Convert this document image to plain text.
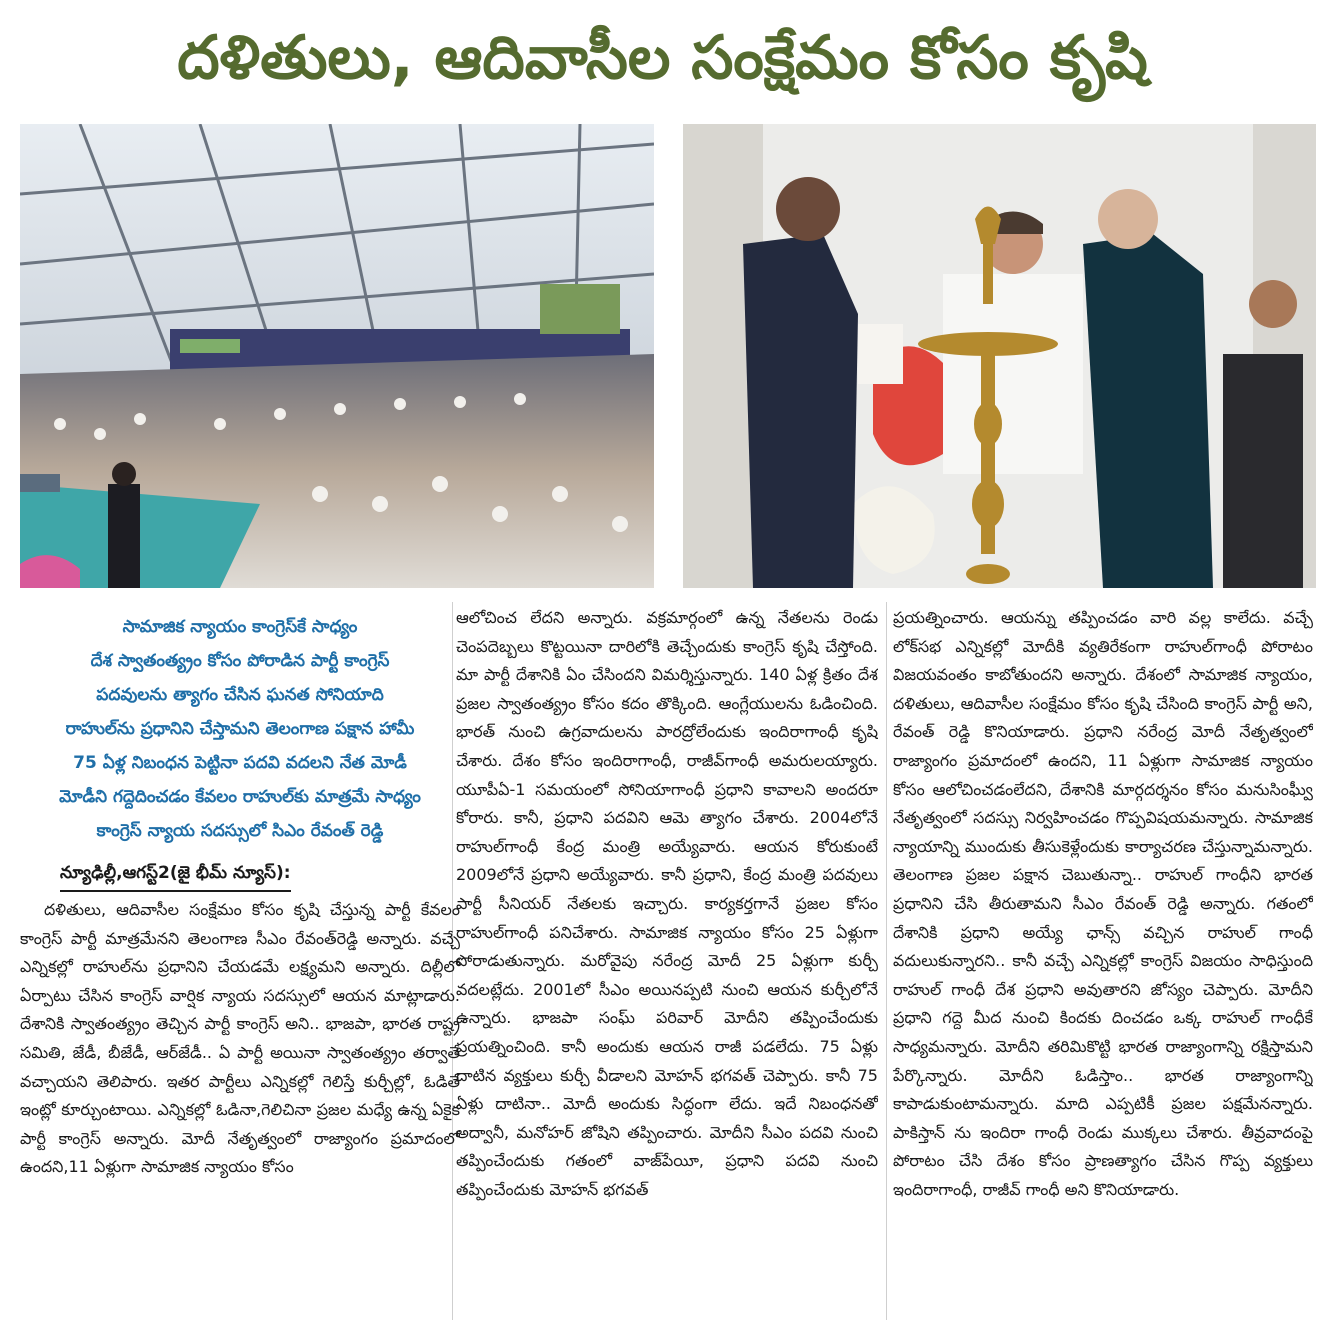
దళితులు, ఆదివాసీల సంక్షేమం కోసం కృషి
సామాజిక న్యాయం కాంగ్రెస్‌కే సాధ్యం
దేశ స్వాతంత్య్రం కోసం పోరాడిన పార్టీ కాంగ్రెస్
పదవులను త్యాగం చేసిన ఘనత సోనియాది
రాహుల్‌ను ప్రధానిని చేస్తామని తెలంగాణ పక్షాన హామీ
75 ఏళ్ల నిబంధన పెట్టినా పదవి వదలని నేత మోడీ
మోడీని గద్దెదించడం కేవలం రాహుల్‌కు మాత్రమే సాధ్యం
కాంగ్రెస్ న్యాయ సదస్సులో సిఎం రేవంత్ రెడ్డి
న్యూఢిల్లీ,ఆగస్ట్2(జై భీమ్ న్యూస్):

దళితులు, ఆదివాసీల సంక్షేమం కోసం కృషి చేస్తున్న పార్టీ కేవలం కాంగ్రెస్ పార్టీ మాత్రమేనని తెలంగాణ సీఎం రేవంత్‌రెడ్డి అన్నారు. వచ్చే ఎన్నికల్లో రాహుల్‌ను ప్రధానిని చేయడమే లక్ష్యమని అన్నారు. దిల్లీలో ఏర్పాటు చేసిన కాంగ్రెస్ వార్షిక న్యాయ సదస్సులో ఆయన మాట్లాడారు. దేశానికి స్వాతంత్య్రం తెచ్చిన పార్టీ కాంగ్రెస్ అని.. భాజపా, భారత రాష్ట్ర సమితి, జేడీ, బీజేడీ, ఆర్‌జేడీ.. ఏ పార్టీ అయినా స్వాతంత్య్రం తర్వాతే వచ్చాయని తెలిపారు. ఇతర పార్టీలు ఎన్నికల్లో గెలిస్తే కుర్చీల్లో, ఓడితే ఇంట్లో కూర్చుంటాయి. ఎన్నికల్లో ఓడినా,గెలిచినా ప్రజల మధ్యే ఉన్న ఏకైక పార్టీ కాంగ్రెస్ అన్నారు. మోదీ నేతృత్వంలో రాజ్యాంగం ప్రమాదంలో ఉందని,11 ఏళ్లుగా సామాజిక న్యాయం కోసం

ఆలోచించ లేదని అన్నారు. వక్రమార్గంలో ఉన్న నేతలను రెండు చెంపదెబ్బలు కొట్టయినా దారిలోకి తెచ్చేందుకు కాంగ్రెస్ కృషి చేస్తోంది. మా పార్టీ దేశానికి ఏం చేసిందని విమర్శిస్తున్నారు. 140 ఏళ్ల క్రితం దేశ ప్రజల స్వాతంత్య్రం కోసం కదం తొక్కింది. ఆంగ్లేయులను ఓడించింది. భారత్ నుంచి ఉగ్రవాదులను పారద్రోలేందుకు ఇందిరాగాంధీ కృషి చేశారు. దేశం కోసం ఇందిరాగాంధీ, రాజీవ్‌గాంధీ అమరులయ్యారు. యూపీఏ-1 సమయంలో సోనియాగాంధీ ప్రధాని కావాలని అందరూ కోరారు. కానీ, ప్రధాని పదవిని ఆమె త్యాగం చేశారు. 2004లోనే రాహుల్‌గాంధీ కేంద్ర మంత్రి అయ్యేవారు. ఆయన కోరుకుంటే 2009లోనే ప్రధాని అయ్యేవారు. కానీ ప్రధాని, కేంద్ర మంత్రి పదవులు పార్టీ సీనియర్ నేతలకు ఇచ్చారు. కార్యకర్తగానే ప్రజల కోసం రాహుల్‌గాంధీ పనిచేశారు. సామాజిక న్యాయం కోసం 25 ఏళ్లుగా పోరాడుతున్నారు. మరోవైపు నరేంద్ర మోదీ 25 ఏళ్లుగా కుర్చీ వదలట్లేదు. 2001లో సీఎం అయినప్పటి నుంచి ఆయన కుర్చీలోనే ఉన్నారు. భాజపా సంఘ్ పరివార్ మోదీని తప్పించేందుకు ప్రయత్నించింది. కానీ అందుకు ఆయన రాజీ పడలేదు. 75 ఏళ్లు దాటిన వ్యక్తులు కుర్చీ వీడాలని మోహన్ భగవత్ చెప్పారు. కానీ 75 ఏళ్లు దాటినా.. మోదీ అందుకు సిద్ధంగా లేదు. ఇదే నిబంధనతో అద్వానీ, మనోహర్ జోషిని తప్పించారు. మోదీని సీఎం పదవి నుంచి తప్పించేందుకు గతంలో వాజ్‌పేయీ, ప్రధాని పదవి నుంచి తప్పించేందుకు మోహన్ భగవత్

ప్రయత్నించారు. ఆయన్ను తప్పించడం వారి వల్ల కాలేదు. వచ్చే లోక్‌సభ ఎన్నికల్లో మోదీకి వ్యతిరేకంగా రాహుల్‌గాంధీ పోరాటం విజయవంతం కాబోతుందని అన్నారు. దేశంలో సామాజిక న్యాయం, దళితులు, ఆదివాసీల సంక్షేమం కోసం కృషి చేసింది కాంగ్రెస్ పార్టీ అని, రేవంత్ రెడ్డి కొనియాడారు. ప్రధాని నరేంద్ర మోదీ నేతృత్వంలో రాజ్యాంగం ప్రమాదంలో ఉందని, 11 ఏళ్లుగా సామాజిక న్యాయం కోసం ఆలోచించడంలేదని, దేశానికి మార్గదర్శనం కోసం మనుసింఘ్వీ నేతృత్వంలో సదస్సు నిర్వహించడం గొప్పవిషయమన్నారు. సామాజిక న్యాయాన్ని ముందుకు తీసుకెళ్లేందుకు కార్యాచరణ చేస్తున్నామన్నారు. తెలంగాణ ప్రజల పక్షాన చెబుతున్నా.. రాహుల్ గాంధీని భారత ప్రధానిని చేసి తీరుతామని సీఎం రేవంత్ రెడ్డి అన్నారు. గతంలో దేశానికి ప్రధాని అయ్యే ఛాన్స్ వచ్చిన రాహుల్ గాంధీ వదులుకున్నారని.. కానీ వచ్చే ఎన్నికల్లో కాంగ్రెస్ విజయం సాధిస్తుంది రాహుల్ గాంధీ దేశ ప్రధాని అవుతారని జోస్యం చెప్పారు. మోదీని ప్రధాని గద్దె మీద నుంచి కిందకు దించడం ఒక్క రాహుల్ గాంధీకే సాధ్యమన్నారు. మోదీని తరిమికొట్టి భారత రాజ్యాంగాన్ని రక్షిస్తామని పేర్కొన్నారు. మోదీని ఓడిస్తాం.. భారత రాజ్యాంగాన్ని కాపాడుకుంటామన్నారు. మాది ఎప్పటికీ ప్రజల పక్షమేనన్నారు. పాకిస్తాన్ ను ఇందిరా గాంధీ రెండు ముక్కలు చేశారు. తీవ్రవాదంపై పోరాటం చేసి దేశం కోసం ప్రాణత్యాగం చేసిన గొప్ప వ్యక్తులు ఇందిరాగాంధీ, రాజీవ్ గాంధీ అని కొనియాడారు.
